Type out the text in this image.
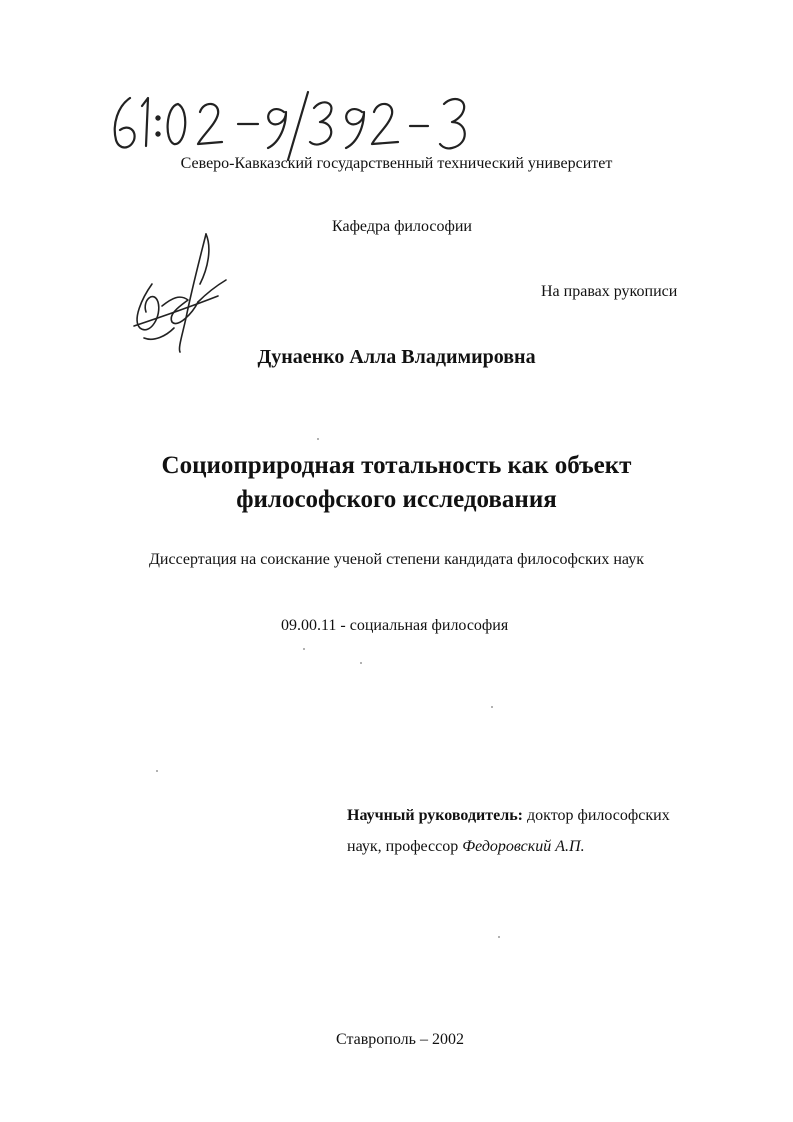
Северо-Кавказский государственный технический университет

Кафедра философии

На правах рукописи

Дунаенко Алла Владимировна

Социоприродная тотальность как объект

философского исследования

Диссертация на соискание ученой степени кандидата философских наук

09.00.11 - социальная философия

Научный руководитель: доктор философских
наук, профессор Федоровский А.П.

Ставрополь – 2002
